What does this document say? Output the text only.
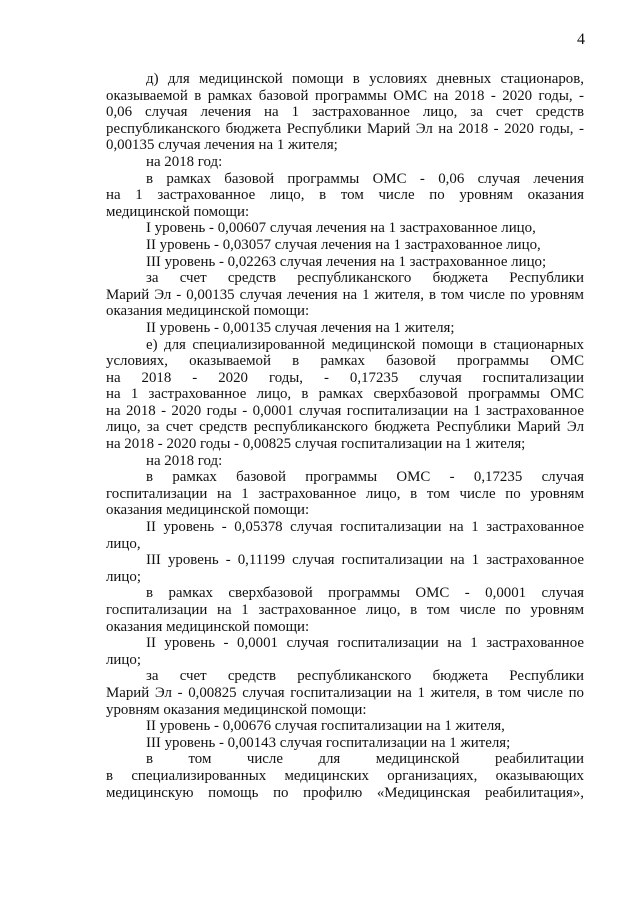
4

д) для медицинской помощи в условиях дневных стационаров,

оказываемой в рамках базовой программы ОМС на 2018 - 2020 годы, -

0,06 случая лечения на 1 застрахованное лицо, за счет средств

республиканского бюджета Республики Марий Эл на 2018 - 2020 годы, -

0,00135 случая лечения на 1 жителя;

на 2018 год:

в рамках базовой программы ОМС - 0,06 случая лечения

на 1 застрахованное лицо, в том числе по уровням оказания

медицинской помощи:

I уровень - 0,00607 случая лечения на 1 застрахованное лицо,

II уровень - 0,03057 случая лечения на 1 застрахованное лицо,

III уровень - 0,02263 случая лечения на 1 застрахованное лицо;

за счет средств республиканского бюджета Республики

Марий Эл - 0,00135 случая лечения на 1 жителя, в том числе по уровням

оказания медицинской помощи:

II уровень - 0,00135 случая лечения на 1 жителя;

е) для специализированной медицинской помощи в стационарных

условиях, оказываемой в рамках базовой программы ОМС

на 2018 - 2020 годы, - 0,17235 случая госпитализации

на 1 застрахованное лицо, в рамках сверхбазовой программы ОМС

на 2018 - 2020 годы - 0,0001 случая госпитализации на 1 застрахованное

лицо, за счет средств республиканского бюджета Республики Марий Эл

на 2018 - 2020 годы - 0,00825 случая госпитализации на 1 жителя;

на 2018 год:

в рамках базовой программы ОМС - 0,17235 случая

госпитализации на 1 застрахованное лицо, в том числе по уровням

оказания медицинской помощи:

II уровень - 0,05378 случая госпитализации на 1 застрахованное

лицо,

III уровень - 0,11199 случая госпитализации на 1 застрахованное

лицо;

в рамках сверхбазовой программы ОМС - 0,0001 случая

госпитализации на 1 застрахованное лицо, в том числе по уровням

оказания медицинской помощи:

II уровень - 0,0001 случая госпитализации на 1 застрахованное

лицо;

за счет средств республиканского бюджета Республики

Марий Эл - 0,00825 случая госпитализации на 1 жителя, в том числе по

уровням оказания медицинской помощи:

II уровень - 0,00676 случая госпитализации на 1 жителя,

III уровень - 0,00143 случая госпитализации на 1 жителя;

в том числе для медицинской реабилитации

в специализированных медицинских организациях, оказывающих

медицинскую помощь по профилю «Медицинская реабилитация»,
